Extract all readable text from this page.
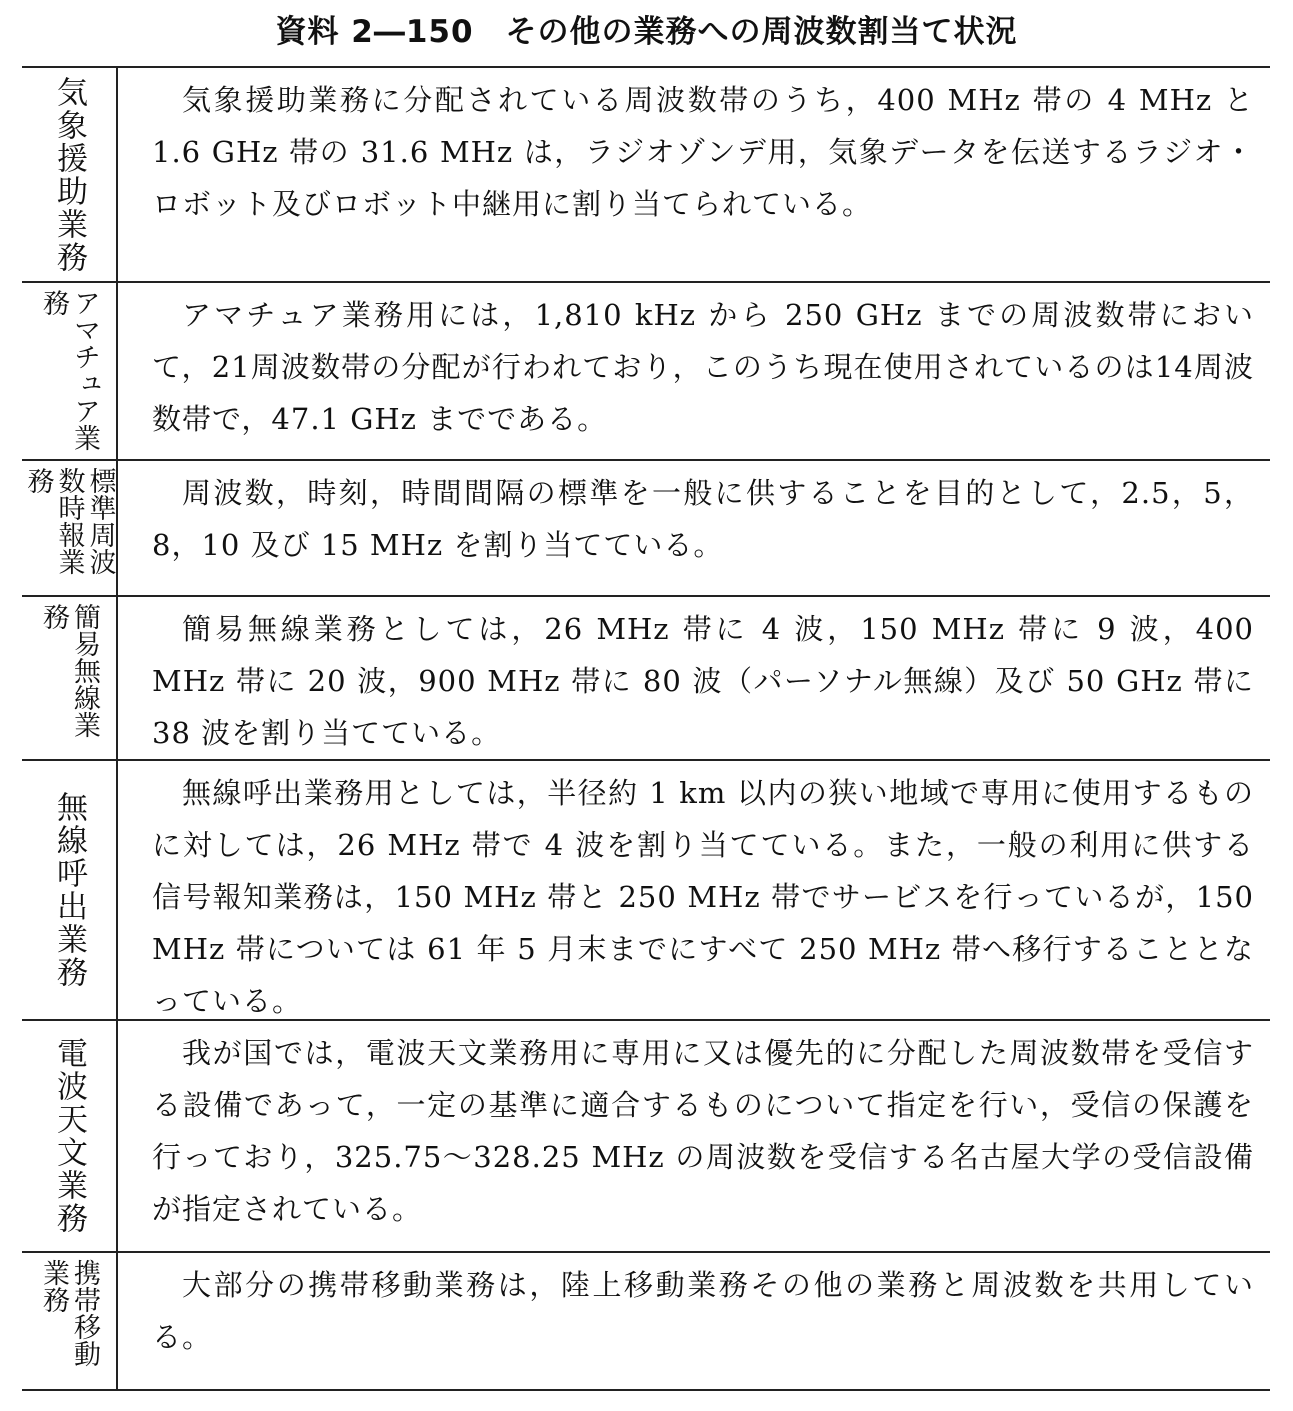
資料 2―150　その他の業務への周波数割当て状況
気象援助業務	気象援助業務に分配されている周波数帯のうち，400 MHz 帯の 4 MHz と 1.6 GHz 帯の 31.6 MHz は，ラジオゾンデ用，気象データを伝送するラジオ・ロボット及びロボット中継用に割り当てられている。
アマチュア業務	アマチュア業務用には，1,810 kHz から 250 GHz までの周波数帯において，21周波数帯の分配が行われており，このうち現在使用されているのは14周波数帯で，47.1 GHz までである。
標準周波数時報業務	周波数，時刻，時間間隔の標準を一般に供することを目的として，2.5，5，8，10 及び 15 MHz を割り当てている。
簡易無線業務	簡易無線業務としては，26 MHz 帯に 4 波，150 MHz 帯に 9 波，400 MHz 帯に 20 波，900 MHz 帯に 80 波（パーソナル無線）及び 50 GHz 帯に 38 波を割り当てている。
無線呼出業務	無線呼出業務用としては，半径約 1 km 以内の狭い地域で専用に使用するものに対しては，26 MHz 帯で 4 波を割り当てている。また，一般の利用に供する信号報知業務は，150 MHz 帯と 250 MHz 帯でサービスを行っているが，150 MHz 帯については 61 年 5 月末までにすべて 250 MHz 帯へ移行することとなっている。
電波天文業務	我が国では，電波天文業務用に専用に又は優先的に分配した周波数帯を受信する設備であって，一定の基準に適合するものについて指定を行い，受信の保護を行っており，325.75～328.25 MHz の周波数を受信する名古屋大学の受信設備が指定されている。
携帯移動業務	大部分の携帯移動業務は，陸上移動業務その他の業務と周波数を共用している。
